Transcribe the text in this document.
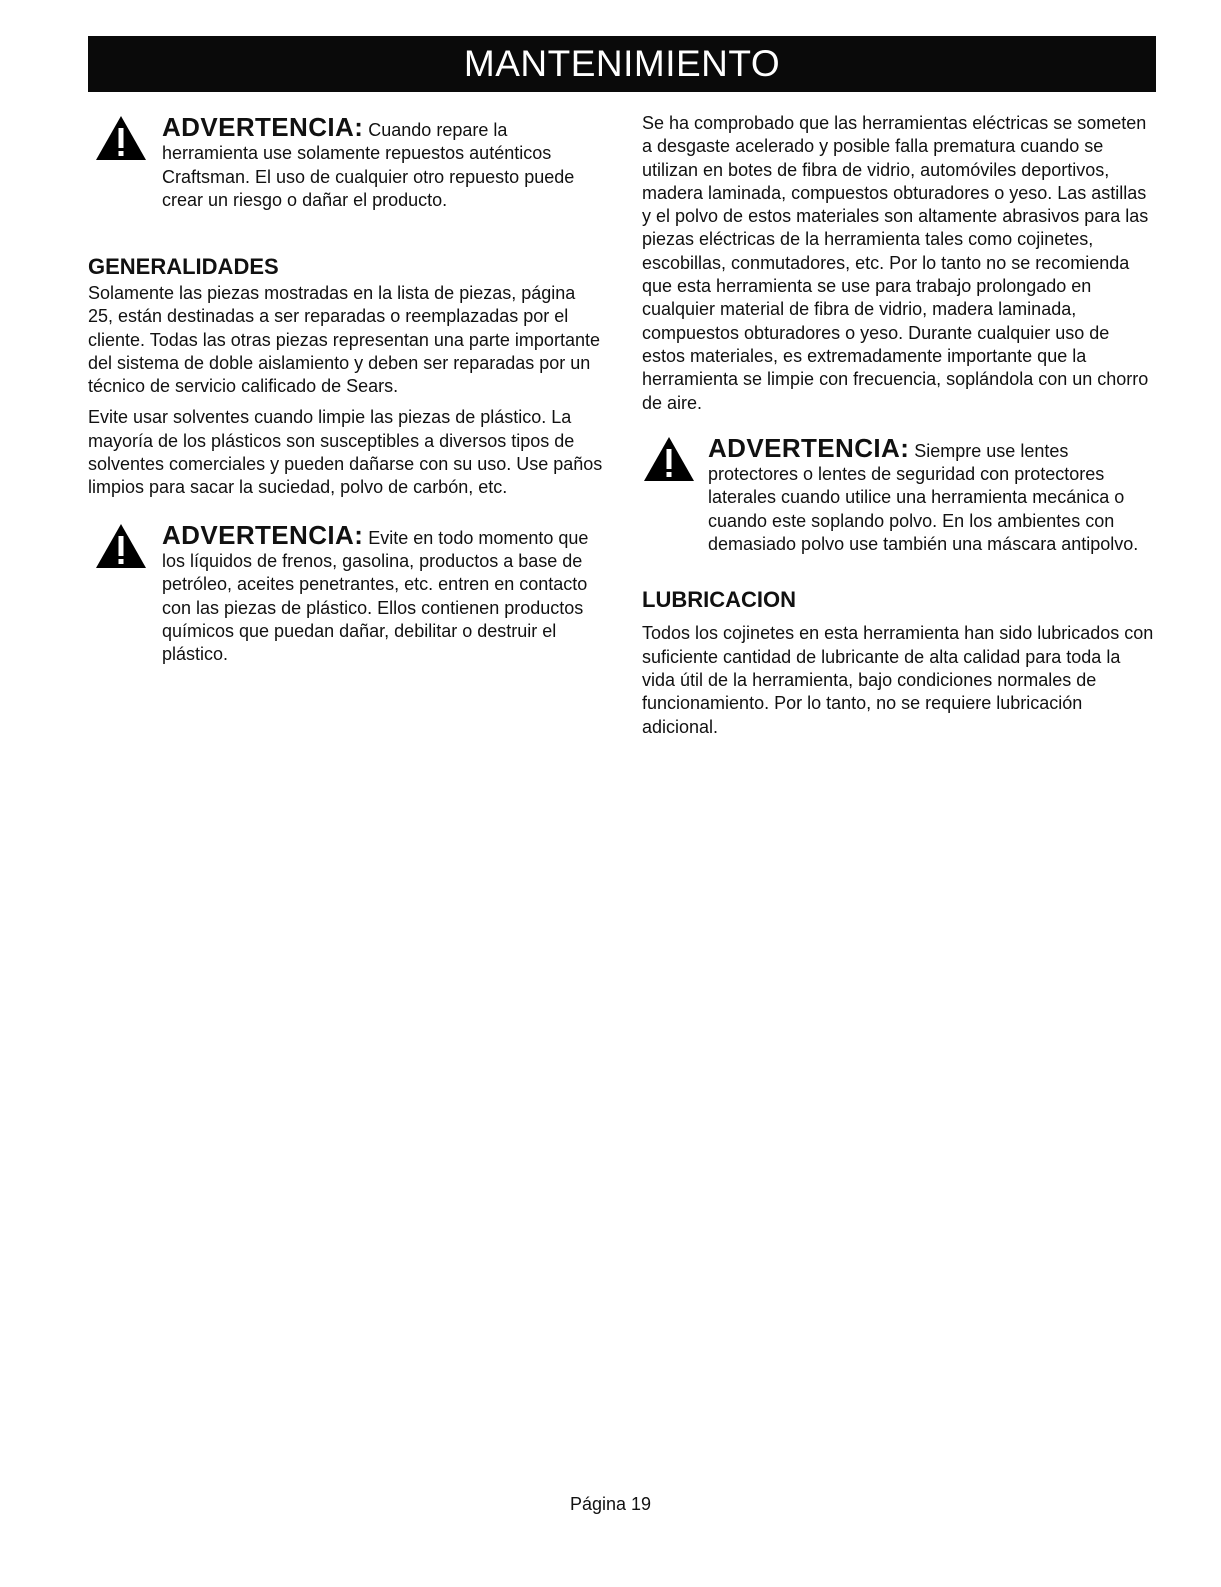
MANTENIMIENTO

ADVERTENCIA: Cuando repare la herramienta use solamente repuestos auténticos Craftsman. El uso de cualquier otro repuesto puede crear un riesgo o dañar el producto.

GENERALIDADES

Solamente las piezas mostradas en la lista de piezas, página 25, están destinadas a ser reparadas o reemplazadas por el cliente. Todas las otras piezas representan una parte importante del sistema de doble aislamiento y deben ser reparadas por un técnico de servicio calificado de Sears.

Evite usar solventes cuando limpie las piezas de plástico. La mayoría de los plásticos son susceptibles a diversos tipos de solventes comerciales y pueden dañarse con su uso. Use paños limpios para sacar la suciedad, polvo de carbón, etc.

ADVERTENCIA: Evite en todo momento que los líquidos de frenos, gasolina, productos a base de petróleo, aceites penetrantes, etc. entren en contacto con las piezas de plástico. Ellos contienen productos químicos que puedan dañar, debilitar o destruir el plástico.

Se ha comprobado que las herramientas eléctricas se someten a desgaste acelerado y posible falla prematura cuando se utilizan en botes de fibra de vidrio, automóviles deportivos, madera laminada, compuestos obturadores o yeso. Las astillas y el polvo de estos materiales son altamente abrasivos para las piezas eléctricas de la herramienta tales como cojinetes, escobillas, conmutadores, etc. Por lo tanto no se recomienda que esta herramienta se use para trabajo prolongado en cualquier material de fibra de vidrio, madera laminada, compuestos obturadores o yeso. Durante cualquier uso de estos materiales, es extremadamente importante que la herramienta se limpie con frecuencia, soplándola con un chorro de aire.

ADVERTENCIA: Siempre use lentes protectores o lentes de seguridad con protectores laterales cuando utilice una herramienta mecánica o cuando este soplando polvo. En los ambientes con demasiado polvo use también una máscara antipolvo.

LUBRICACION

Todos los cojinetes en esta herramienta han sido lubricados con suficiente cantidad de lubricante de alta calidad para toda la vida útil de la herramienta, bajo condiciones normales de funcionamiento. Por lo tanto, no se requiere lubricación adicional.

Página 19
